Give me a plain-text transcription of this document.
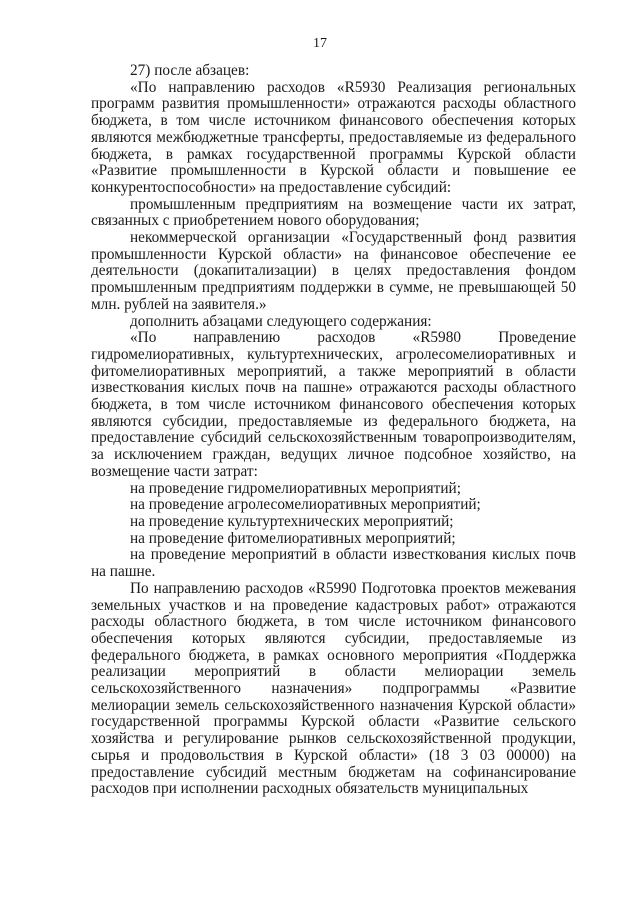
17

27) после абзацев:

«По направлению расходов «R5930 Реализация региональных программ развития промышленности» отражаются расходы областного бюджета, в том числе источником финансового обеспечения которых являются межбюджетные трансферты, предоставляемые из федерального бюджета, в рамках государственной программы Курской области «Развитие промышленности в Курской области и повышение ее конкурентоспособности» на предоставление субсидий:

промышленным предприятиям на возмещение части их затрат, связанных с приобретением нового оборудования;

некоммерческой организации «Государственный фонд развития промышленности Курской области» на финансовое обеспечение ее деятельности (докапитализации) в целях предоставления фондом промышленным предприятиям поддержки в сумме, не превышающей 50 млн. рублей на заявителя.»

дополнить абзацами следующего содержания:

«По направлению расходов «R5980 Проведение гидромелиоративных, культуртехнических, агролесомелиоративных и фитомелиоративных мероприятий, а также мероприятий в области известкования кислых почв на пашне» отражаются расходы областного бюджета, в том числе источником финансового обеспечения которых являются субсидии, предоставляемые из федерального бюджета, на предоставление субсидий сельскохозяйственным товаропроизводителям, за исключением граждан, ведущих личное подсобное хозяйство, на возмещение части затрат:

на проведение гидромелиоративных мероприятий;

на проведение агролесомелиоративных мероприятий;

на проведение культуртехнических мероприятий;

на проведение фитомелиоративных мероприятий;

на проведение мероприятий в области известкования кислых почв на пашне.

По направлению расходов «R5990 Подготовка проектов межевания земельных участков и на проведение кадастровых работ» отражаются расходы областного бюджета, в том числе источником финансового обеспечения которых являются субсидии, предоставляемые из федерального бюджета, в рамках основного мероприятия «Поддержка реализации мероприятий в области мелиорации земель сельскохозяйственного назначения» подпрограммы «Развитие мелиорации земель сельскохозяйственного назначения Курской области» государственной программы Курской области «Развитие сельского хозяйства и регулирование рынков сельскохозяйственной продукции, сырья и продовольствия в Курской области» (18 3 03 00000) на предоставление субсидий местным бюджетам на софинансирование расходов при исполнении расходных обязательств муниципальных
